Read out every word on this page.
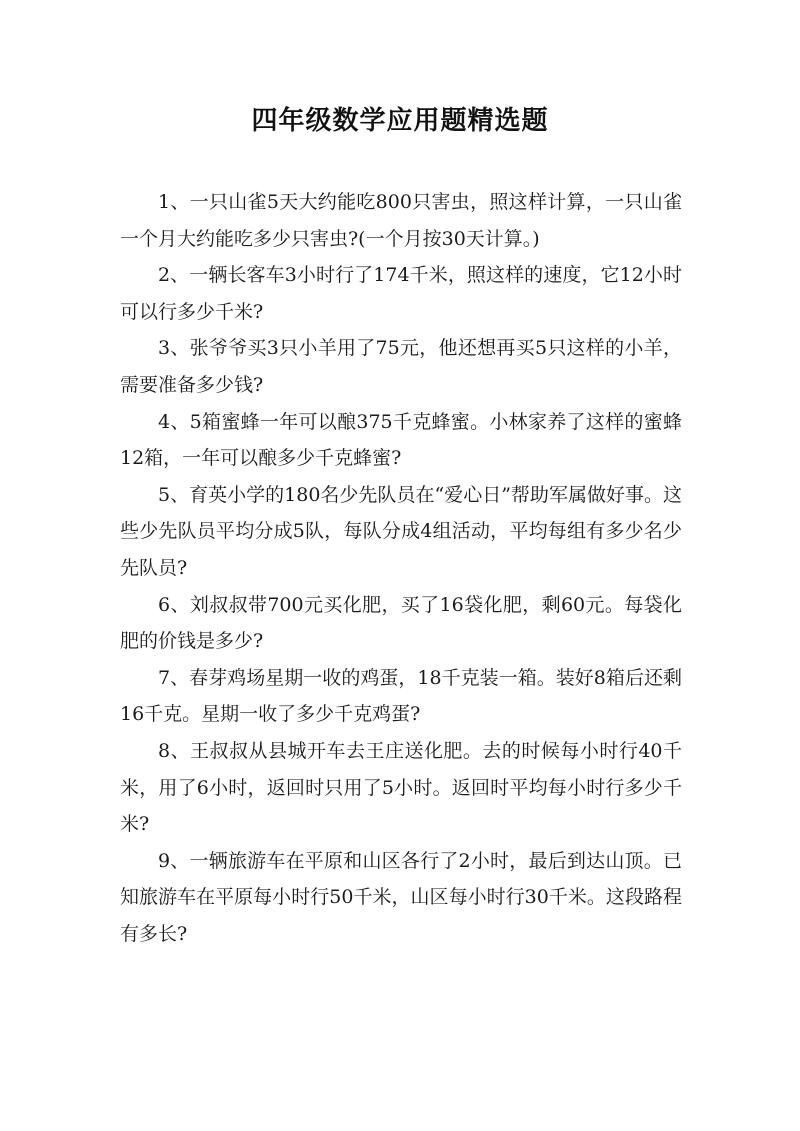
四年级数学应用题精选题

1、一只山雀5天大约能吃800只害虫，照这样计算，一只山雀一个月大约能吃多少只害虫?(一个月按30天计算。)

2、一辆长客车3小时行了174千米，照这样的速度，它12小时可以行多少千米?

3、张爷爷买3只小羊用了75元，他还想再买5只这样的小羊，需要准备多少钱?

4、5箱蜜蜂一年可以酿375千克蜂蜜。小林家养了这样的蜜蜂12箱，一年可以酿多少千克蜂蜜?

5、育英小学的180名少先队员在“爱心日”帮助军属做好事。这些少先队员平均分成5队，每队分成4组活动，平均每组有多少名少先队员?

6、刘叔叔带700元买化肥，买了16袋化肥，剩60元。每袋化肥的价钱是多少?

7、春芽鸡场星期一收的鸡蛋，18千克装一箱。装好8箱后还剩16千克。星期一收了多少千克鸡蛋?

8、王叔叔从县城开车去王庄送化肥。去的时候每小时行40千米，用了6小时，返回时只用了5小时。返回时平均每小时行多少千米?

9、一辆旅游车在平原和山区各行了2小时，最后到达山顶。已知旅游车在平原每小时行50千米，山区每小时行30千米。这段路程有多长?
